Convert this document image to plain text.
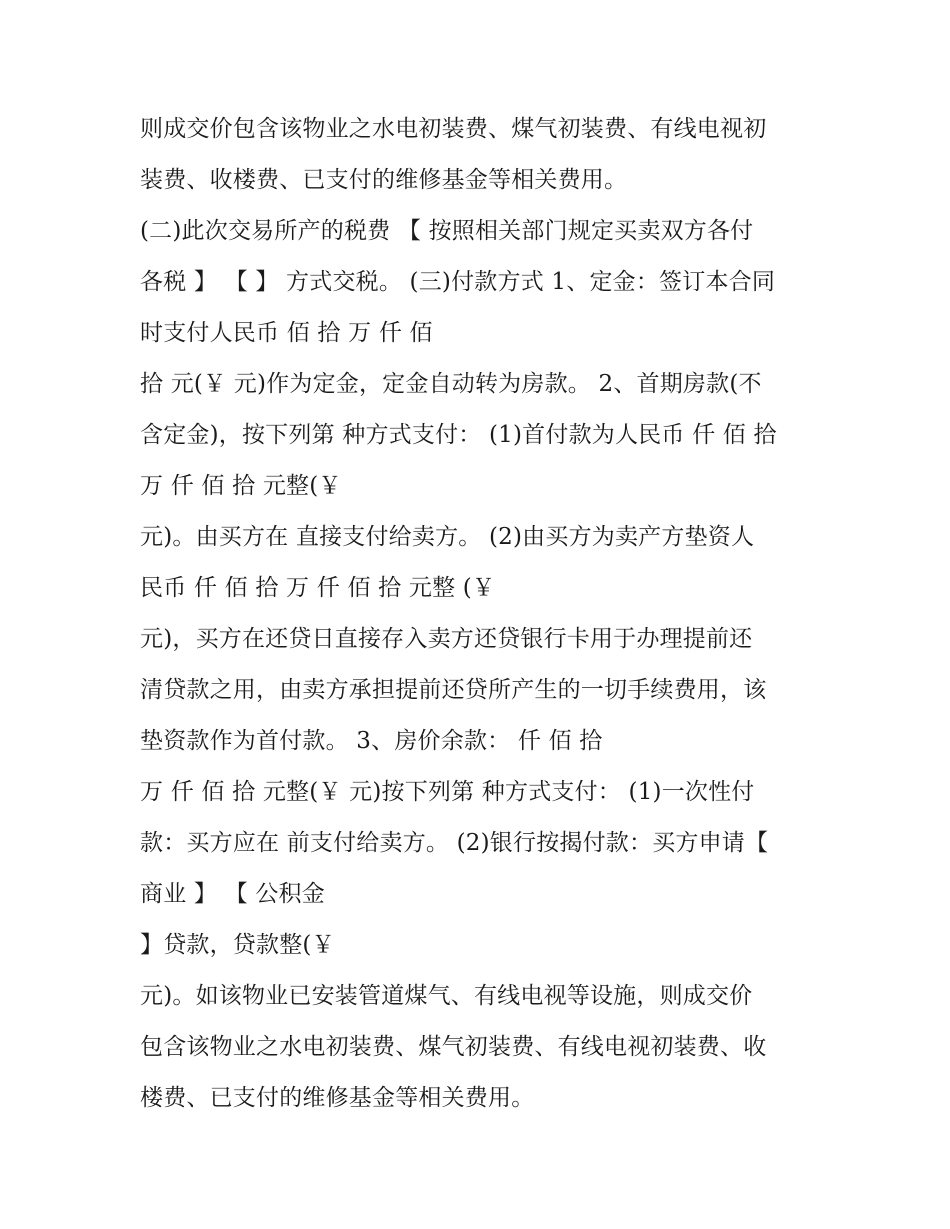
则成交价包含该物业之水电初装费、煤气初装费、有线电视初
装费、收楼费、已支付的维修基金等相关费用。
(二)此次交易所产的税费 【 按照相关部门规定买卖双方各付
各税 】 【 】 方式交税。 (三)付款方式 1、定金：签订本合同
时支付人民币 佰 拾 万 仟 佰
拾 元(￥ 元)作为定金，定金自动转为房款。 2、首期房款(不
含定金)，按下列第 种方式支付： (1)首付款为人民币 仟 佰 拾
万 仟 佰 拾 元整(￥
元)。由买方在 直接支付给卖方。 (2)由买方为卖产方垫资人
民币 仟 佰 拾 万 仟 佰 拾 元整 (￥
元)，买方在还贷日直接存入卖方还贷银行卡用于办理提前还
清贷款之用，由卖方承担提前还贷所产生的一切手续费用，该
垫资款作为首付款。 3、房价余款： 仟 佰 拾
万 仟 佰 拾 元整(￥ 元)按下列第 种方式支付： (1)一次性付
款：买方应在 前支付给卖方。 (2)银行按揭付款：买方申请【
商业 】 【 公积金
】贷款，贷款整(￥
元)。如该物业已安装管道煤气、有线电视等设施，则成交价
包含该物业之水电初装费、煤气初装费、有线电视初装费、收
楼费、已支付的维修基金等相关费用。
